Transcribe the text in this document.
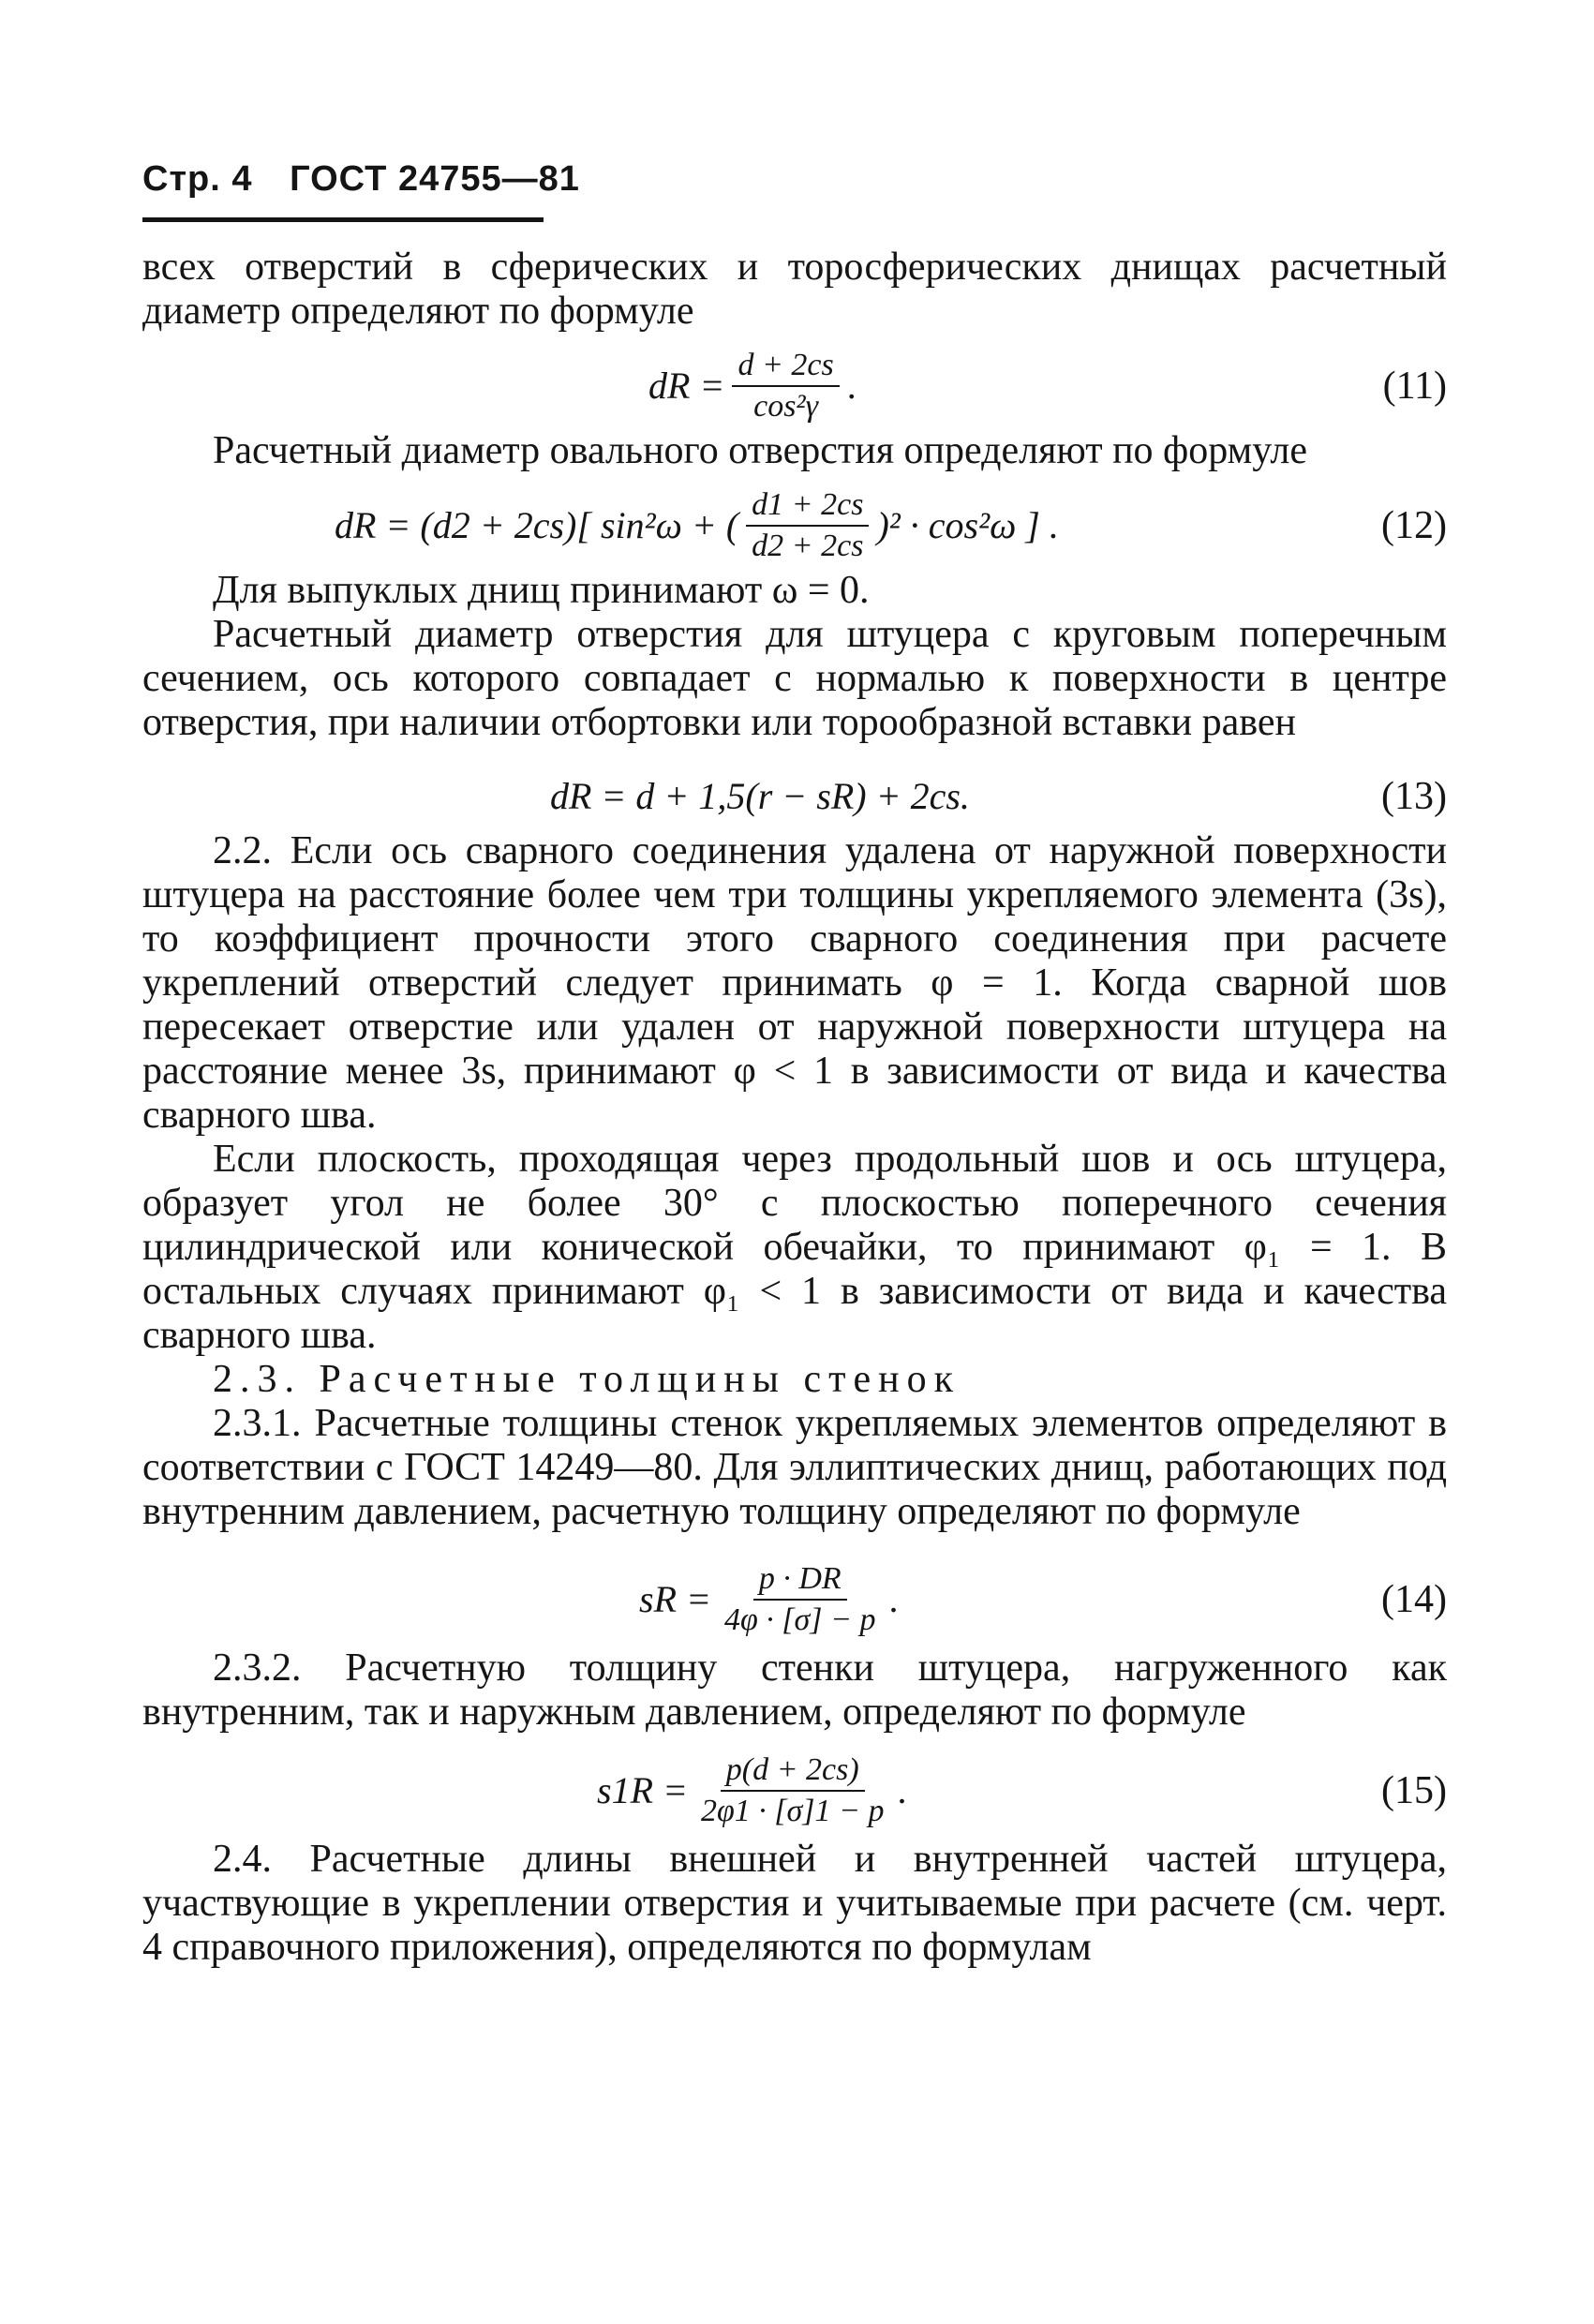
Стр. 4 ГОСТ 24755—81

всех отверстий в сферических и торосферических днищах расчетный диаметр определяют по формуле

dR = $\frac{d + 2cs}{\text{cos²γ}}$ .	(11)

Расчетный диаметр овального отверстия определяют по формуле

dR = (d2 + 2cs)[ sin²ω + ( $\frac{d1 + 2cs}{d2 + 2cs} )^2 \cdot \cos^2\omega$ ] .	(12)

Для выпуклых днищ принимают ω = 0.

Расчетный диаметр отверстия для штуцера с круговым поперечным сечением, ось которого совпадает с нормалью к поверхности в центре отверстия, при наличии отбортовки или торообразной вставки равен

dR = d + 1,5(r − sR) + 2cs.	(13)

2.2. Если ось сварного соединения удалена от наружной поверхности штуцера на расстояние более чем три толщины укрепляемого элемента (3s), то коэффициент прочности этого сварного соединения при расчете укреплений отверстий следует принимать φ = 1. Когда сварной шов пересекает отверстие или удален от наружной поверхности штуцера на расстояние менее 3s, принимают φ < 1 в зависимости от вида и качества сварного шва.

Если плоскость, проходящая через продольный шов и ось штуцера, образует угол не более 30° с плоскостью поперечного сечения цилиндрической или конической обечайки, то принимают φ₁ = 1. В остальных случаях принимают φ₁ < 1 в зависимости от вида и качества сварного шва.

2.3. Расчетные толщины стенок

2.3.1. Расчетные толщины стенок укрепляемых элементов определяют в соответствии с ГОСТ 14249—80. Для эллиптических днищ, работающих под внутренним давлением, расчетную толщину определяют по формуле

sR = $\frac{p \cdot DR}{4\varphi \cdot [\sigma] - p}$ .	(14)

2.3.2. Расчетную толщину стенки штуцера, нагруженного как внутренним, так и наружным давлением, определяют по формуле

$s1R = \frac{p(d + 2cs)}{2\varphi 1 \cdot [\sigma]1 - p}$ .	(15)

2.4. Расчетные длины внешней и внутренней частей штуцера, участвующие в укреплении отверстия и учитываемые при расчете (см. черт. 4 справочного приложения), определяются по формулам
